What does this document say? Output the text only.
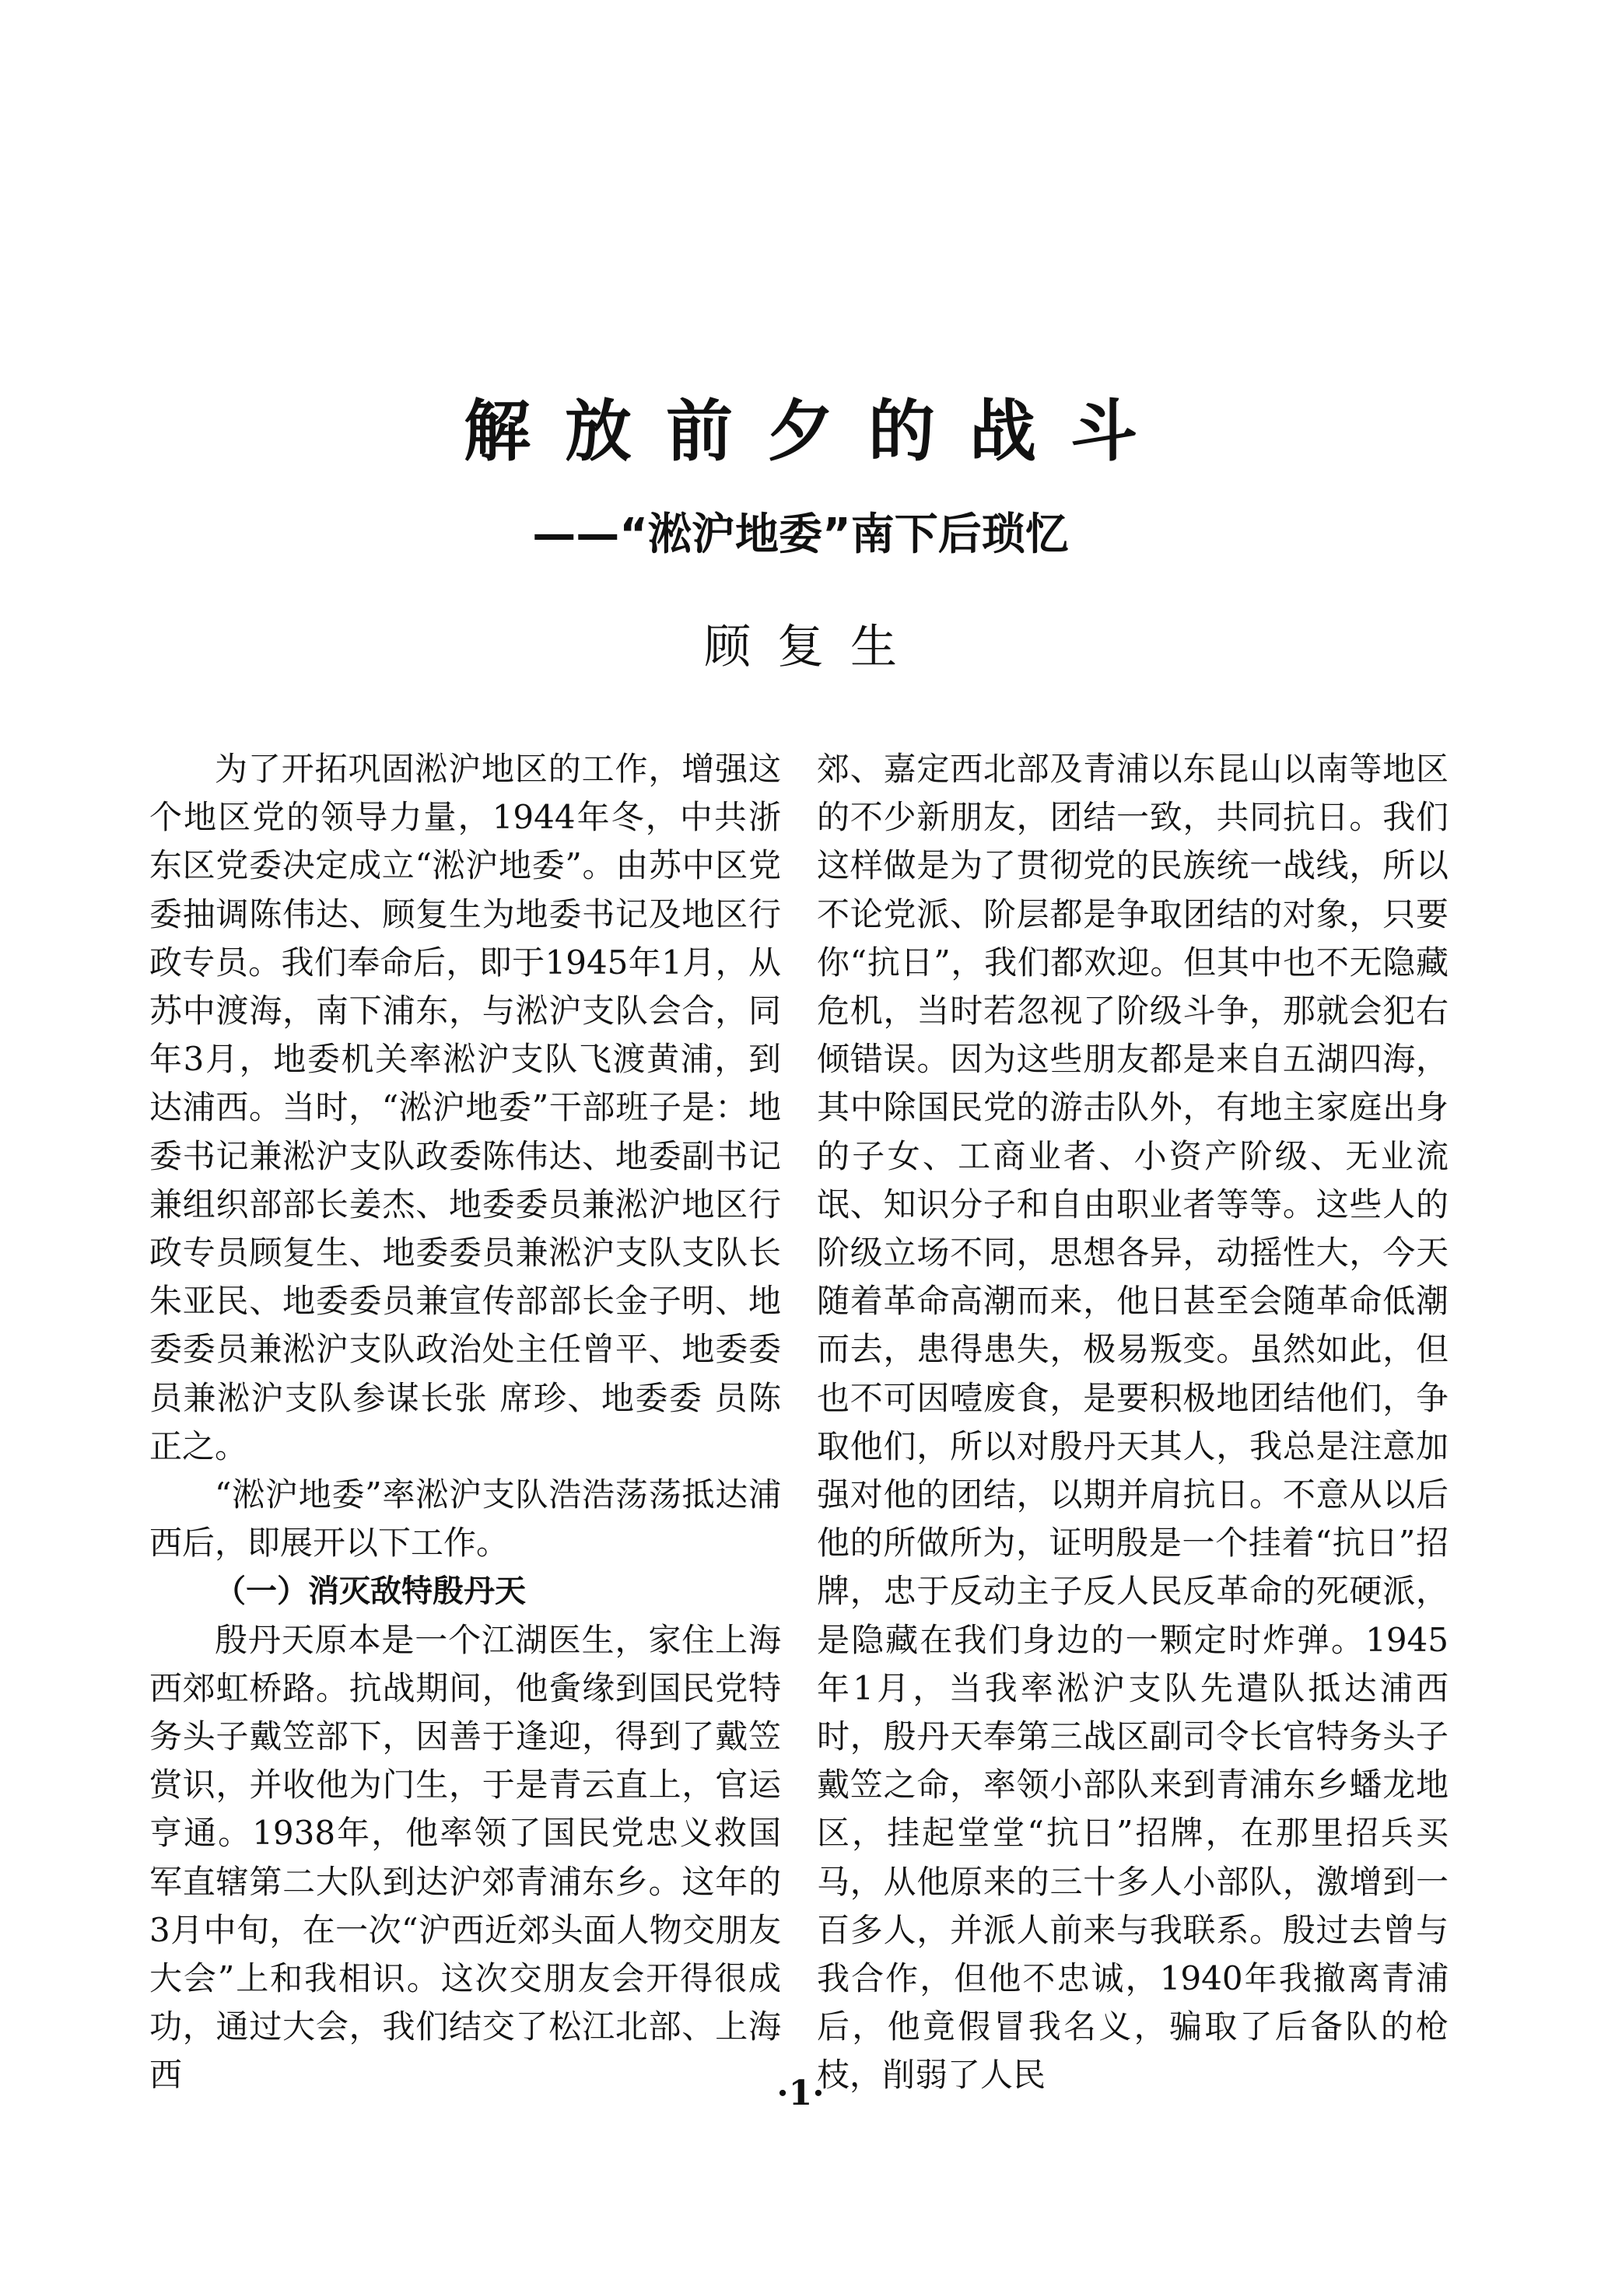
解放前夕的战斗
——“淞沪地委”南下后琐忆
顾复生

为了开拓巩固淞沪地区的工作，增强这个地区党的领导力量，1944年冬，中共浙东区党委决定成立“淞沪地委”。由苏中区党委抽调陈伟达、顾复生为地委书记及地区行政专员。我们奉命后，即于1945年1月，从苏中渡海，南下浦东，与淞沪支队会合，同年3月，地委机关率淞沪支队飞渡黄浦，到达浦西。当时，“淞沪地委”干部班子是：地委书记兼淞沪支队政委陈伟达、地委副书记兼组织部部长姜杰、地委委员兼淞沪地区行政专员顾复生、地委委员兼淞沪支队支队长朱亚民、地委委员兼宣传部部长金子明、地委委员兼淞沪支队政治处主任曾平、地委委员兼淞沪支队参谋长张 席珍、地委委 员陈正之。

“淞沪地委”率淞沪支队浩浩荡荡抵达浦西后，即展开以下工作。

（一）消灭敌特殷丹天

殷丹天原本是一个江湖医生，家住上海西郊虹桥路。抗战期间，他夤缘到国民党特务头子戴笠部下，因善于逢迎，得到了戴笠赏识，并收他为门生，于是青云直上，官运亨通。1938年，他率领了国民党忠义救国军直辖第二大队到达沪郊青浦东乡。这年的3月中旬，在一次“沪西近郊头面人物交朋友大会”上和我相识。这次交朋友会开得很成功，通过大会，我们结交了松江北部、上海西

郊、嘉定西北部及青浦以东昆山以南等地区的不少新朋友，团结一致，共同抗日。我们这样做是为了贯彻党的民族统一战线，所以不论党派、阶层都是争取团结的对象，只要你“抗日”，我们都欢迎。但其中也不无隐藏危机，当时若忽视了阶级斗争，那就会犯右倾错误。因为这些朋友都是来自五湖四海，其中除国民党的游击队外，有地主家庭出身的子女、工商业者、小资产阶级、无业流氓、知识分子和自由职业者等等。这些人的阶级立场不同，思想各异，动摇性大，今天随着革命高潮而来，他日甚至会随革命低潮而去，患得患失，极易叛变。虽然如此，但也不可因噎废食，是要积极地团结他们，争取他们，所以对殷丹天其人，我总是注意加强对他的团结，以期并肩抗日。不意从以后他的所做所为，证明殷是一个挂着“抗日”招牌，忠于反动主子反人民反革命的死硬派，是隐藏在我们身边的一颗定时炸弹。1945年1月，当我率淞沪支队先遣队抵达浦西时，殷丹天奉第三战区副司令长官特务头子戴笠之命，率领小部队来到青浦东乡蟠龙地区，挂起堂堂“抗日”招牌，在那里招兵买马，从他原来的三十多人小部队，激增到一百多人，并派人前来与我联系。殷过去曾与我合作，但他不忠诚，1940年我撤离青浦后，他竟假冒我名义，骗取了后备队的枪枝，削弱了人民

·1·
